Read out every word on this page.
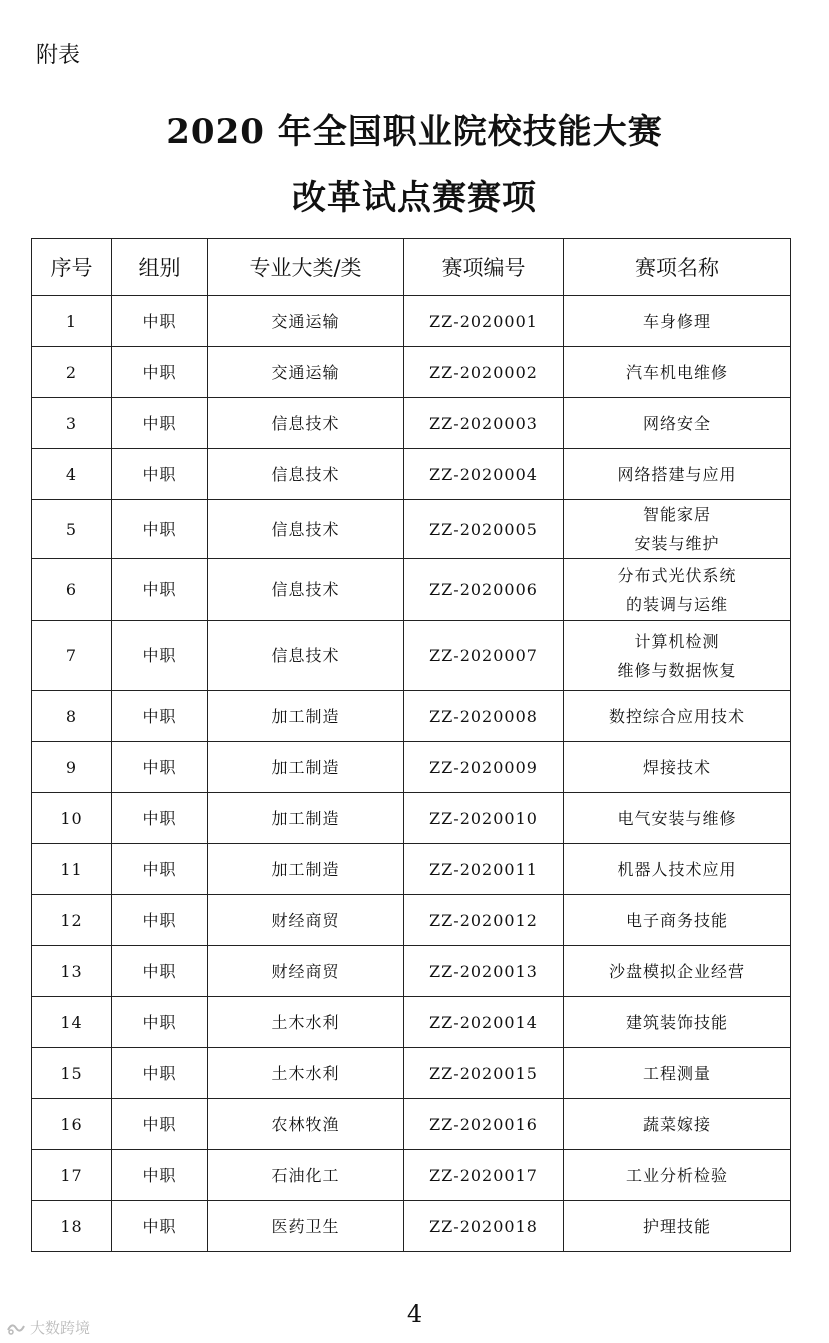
附表
2020 年全国职业院校技能大赛
改革试点赛赛项
序号	组别	专业大类/类	赛项编号	赛项名称
1	中职	交通运输	ZZ-2020001	车身修理

2	中职	交通运输	ZZ-2020002	汽车机电维修

3	中职	信息技术	ZZ-2020003	网络安全

4	中职	信息技术	ZZ-2020004	网络搭建与应用

5	中职	信息技术	ZZ-2020005	智能家居
安装与维护

6	中职	信息技术	ZZ-2020006	分布式光伏系统
的装调与运维

7	中职	信息技术	ZZ-2020007	计算机检测
维修与数据恢复

8	中职	加工制造	ZZ-2020008	数控综合应用技术

9	中职	加工制造	ZZ-2020009	焊接技术

10	中职	加工制造	ZZ-2020010	电气安装与维修

11	中职	加工制造	ZZ-2020011	机器人技术应用

12	中职	财经商贸	ZZ-2020012	电子商务技能

13	中职	财经商贸	ZZ-2020013	沙盘模拟企业经营

14	中职	土木水利	ZZ-2020014	建筑装饰技能

15	中职	土木水利	ZZ-2020015	工程测量

16	中职	农林牧渔	ZZ-2020016	蔬菜嫁接

17	中职	石油化工	ZZ-2020017	工业分析检验

18	中职	医药卫生	ZZ-2020018	护理技能
4
大数跨境
